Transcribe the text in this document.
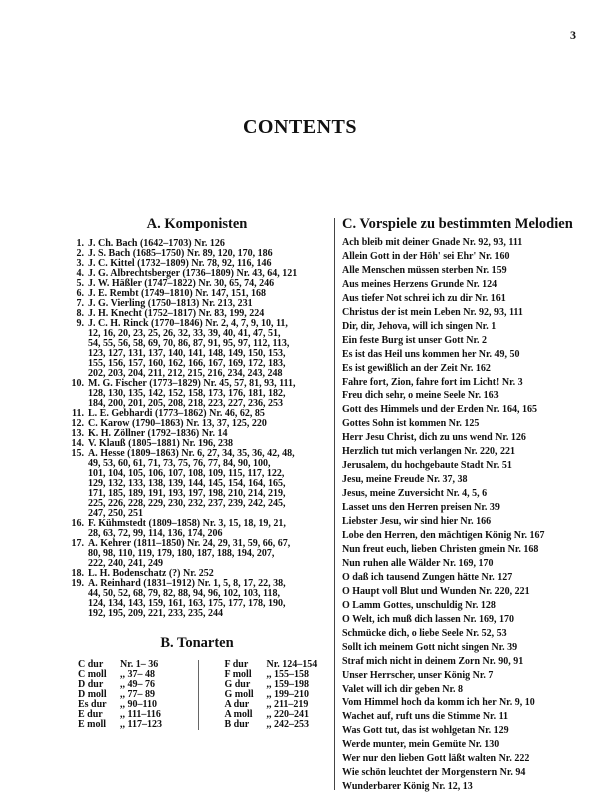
3
CONTENTS
A. Komponisten
1. J. Ch. Bach (1642–1703) Nr. 126
2. J. S. Bach (1685–1750) Nr. 89, 120, 170, 186
3. J. C. Kittel (1732–1809) Nr. 78, 92, 116, 146
4. J. G. Albrechtsberger (1736–1809) Nr. 43, 64, 121
5. J. W. Häßler (1747–1822) Nr. 30, 65, 74, 246
6. J. E. Rembt (1749–1810) Nr. 147, 151, 168
7. J. G. Vierling (1750–1813) Nr. 213, 231
8. J. H. Knecht (1752–1817) Nr. 83, 199, 224
9. J. C. H. Rinck (1770–1846) Nr. 2, 4, 7, 9, 10, 11,
12, 16, 20, 23, 25, 26, 32, 33, 39, 40, 41, 47, 51,
54, 55, 56, 58, 69, 70, 86, 87, 91, 95, 97, 112, 113,
123, 127, 131, 137, 140, 141, 148, 149, 150, 153,
155, 156, 157, 160, 162, 166, 167, 169, 172, 183,
202, 203, 204, 211, 212, 215, 216, 234, 243, 248
10. M. G. Fischer (1773–1829) Nr. 45, 57, 81, 93, 111,
128, 130, 135, 142, 152, 158, 173, 176, 181, 182,
184, 200, 201, 205, 208, 218, 223, 227, 236, 253
11. L. E. Gebhardi (1773–1862) Nr. 46, 62, 85
12. C. Karow (1790–1863) Nr. 13, 37, 125, 220
13. K. H. Zöllner (1792–1836) Nr. 14
14. V. Klauß (1805–1881) Nr. 196, 238
15. A. Hesse (1809–1863) Nr. 6, 27, 34, 35, 36, 42, 48,
49, 53, 60, 61, 71, 73, 75, 76, 77, 84, 90, 100,
101, 104, 105, 106, 107, 108, 109, 115, 117, 122,
129, 132, 133, 138, 139, 144, 145, 154, 164, 165,
171, 185, 189, 191, 193, 197, 198, 210, 214, 219,
225, 226, 228, 229, 230, 232, 237, 239, 242, 245,
247, 250, 251
16. F. Kühmstedt (1809–1858) Nr. 3, 15, 18, 19, 21,
28, 63, 72, 99, 114, 136, 174, 206
17. A. Kehrer (1811–1850) Nr. 24, 29, 31, 59, 66, 67,
80, 98, 110, 119, 179, 180, 187, 188, 194, 207,
222, 240, 241, 249
18. L. H. Bodenschatz (?) Nr. 252
19. A. Reinhard (1831–1912) Nr. 1, 5, 8, 17, 22, 38,
44, 50, 52, 68, 79, 82, 88, 94, 96, 102, 103, 118,
124, 134, 143, 159, 161, 163, 175, 177, 178, 190,
192, 195, 209, 221, 233, 235, 244
B. Tonarten
C dur	Nr. 1– 36
C moll	,, 37– 48
D dur	,, 49– 76
D moll	,, 77– 89
Es dur	,, 90–110
E dur	,, 111–116
E moll	,, 117–123
F dur	Nr. 124–154
F moll	,, 155–158
G dur	,, 159–198
G moll	,, 199–210
A dur	,, 211–219
A moll	,, 220–241
B dur	,, 242–253
C. Vorspiele zu bestimmten Melodien
Ach bleib mit deiner Gnade Nr. 92, 93, 111
Allein Gott in der Höh' sei Ehr' Nr. 160
Alle Menschen müssen sterben Nr. 159
Aus meines Herzens Grunde Nr. 124
Aus tiefer Not schrei ich zu dir Nr. 161
Christus der ist mein Leben Nr. 92, 93, 111
Dir, dir, Jehova, will ich singen Nr. 1
Ein feste Burg ist unser Gott Nr. 2
Es ist das Heil uns kommen her Nr. 49, 50
Es ist gewißlich an der Zeit Nr. 162
Fahre fort, Zion, fahre fort im Licht! Nr. 3
Freu dich sehr, o meine Seele Nr. 163
Gott des Himmels und der Erden Nr. 164, 165
Gottes Sohn ist kommen Nr. 125
Herr Jesu Christ, dich zu uns wend Nr. 126
Herzlich tut mich verlangen Nr. 220, 221
Jerusalem, du hochgebaute Stadt Nr. 51
Jesu, meine Freude Nr. 37, 38
Jesus, meine Zuversicht Nr. 4, 5, 6
Lasset uns den Herren preisen Nr. 39
Liebster Jesu, wir sind hier Nr. 166
Lobe den Herren, den mächtigen König Nr. 167
Nun freut euch, lieben Christen gmein Nr. 168
Nun ruhen alle Wälder Nr. 169, 170
O daß ich tausend Zungen hätte Nr. 127
O Haupt voll Blut und Wunden Nr. 220, 221
O Lamm Gottes, unschuldig Nr. 128
O Welt, ich muß dich lassen Nr. 169, 170
Schmücke dich, o liebe Seele Nr. 52, 53
Sollt ich meinem Gott nicht singen Nr. 39
Straf mich nicht in deinem Zorn Nr. 90, 91
Unser Herrscher, unser König Nr. 7
Valet will ich dir geben Nr. 8
Vom Himmel hoch da komm ich her Nr. 9, 10
Wachet auf, ruft uns die Stimme Nr. 11
Was Gott tut, das ist wohlgetan Nr. 129
Werde munter, mein Gemüte Nr. 130
Wer nur den lieben Gott läßt walten Nr. 222
Wie schön leuchtet der Morgenstern Nr. 94
Wunderbarer König Nr. 12, 13
